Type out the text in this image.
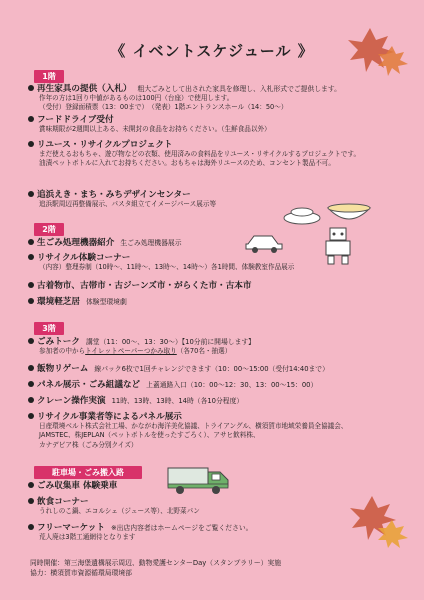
《 イベントスケジュール 》
1階
再生家具の提供（入札） 粗大ごみとして出された家具を修理し、入札形式でご提供します。
作年の方は1回り中値があるものは100円（台座）で使用します。
（受付）登録面積票（13：00まで）　（発表）1階エントランスホール（14：50～）
フードドライブ受付
賞味期限が2週間以上ある、未開封の食品をお持ちください。（生鮮食品以外）
リユース・リサイクルプロジェクト
まだ使えるおもちゃ、遊び物などの衣類、使用済みの食料品をリユース・リサイクルするプロジェクトです。
油漬ペットボトルに入れてお持ちください。おもちゃは海外リユースのため、コンセント製品不可。
追浜えき・まち・みちデザインセンター
追浜駅周辺再整備展示、パスタ組立てイメージパース展示等
2階
生ごみ処理機器紹介 生ごみ処理機器展示
リサイクル体験コーナー
（内容）整理券制（10時～、11時～、13時～、14時～）各1時間、体験教室作品展示
古着物市、古帯市・古ジーンズ市・がらくた市・古本市
環境軽芝居 体験型環境劇
3階
ごみトーク 講堂（11：00～、13：30～）【10分前に開場します】
参加者の中からトイレットペーパーつかみ取り（各70名・抽選）
飯物リゲーム 線パック6枚で1回チャレンジできます（10：00～15:00（受付14:40まで）
パネル展示・ごみ組議など 上蓋通路入口（10：00～12：30、13：00～15：00）
クレーン操作実演 11時、13時、13時、14時（各10分程度）
リサイクル事業者等によるパネル展示
日産環境ベルト株式会社工場、かながわ海洋美化協議、トライアングル、横須賀市地域栄養員全協議会、
JAMSTEC、株JEPLAN（ペットボトルを使ったすごろく）、アサヒ飲料株、
カナデビア株（ごみ分別クイズ）
駐車場・ごみ搬入路
ごみ収集車 体験乗車
飲食コーナー
うれしのこ鍋、エコルシェ（ジュース等）、北野菜パン
フリーマーケット ※出店内容者はホームページをご覧ください。
荒人廃は3階工通網待となります
同時開催：第三海堡遺構展示周辺、動物愛護センターDay（スタンプラリー）実施
協力：横須賀市資源循環局環境部
